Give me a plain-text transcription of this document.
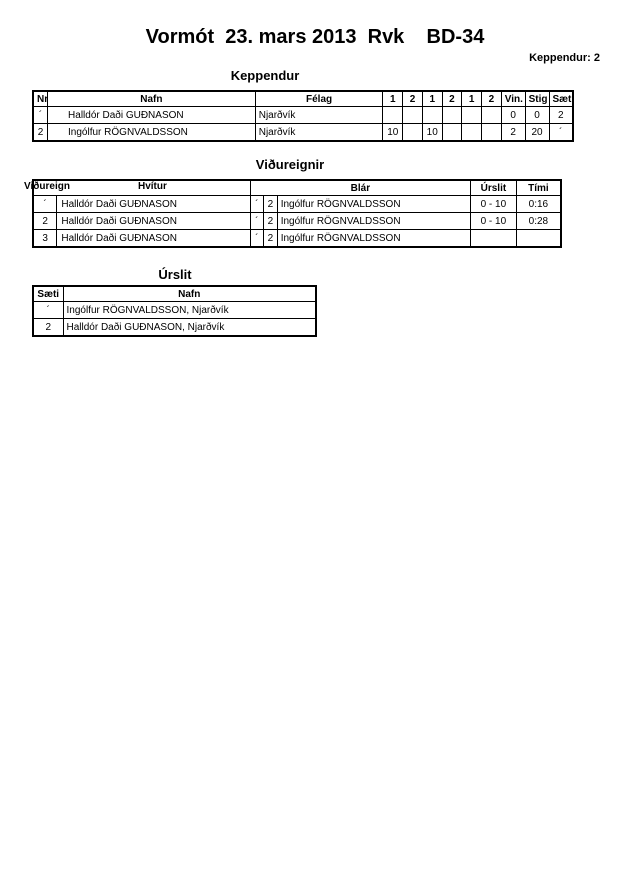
Vormót  23. mars 2013  Rvk    BD-34
Keppendur: 2
Keppendur
Nr	Nafn	Félag	1	2	1	2	1	2	Vin.	Stig	Sæti
´	Halldór Daði GUÐNASON	Njarðvík							0	0	2
2	Ingólfur RÖGNVALDSSON	Njarðvík	10		10				2	20	´
Viðureignir
Viðureign Hvítur		Blár			Úrslit	Tími
´	Halldór Daði GUÐNASON	´	2	Ingólfur RÖGNVALDSSON	0 - 10	0:16
2	Halldór Daði GUÐNASON	´	2	Ingólfur RÖGNVALDSSON	0 - 10	0:28
3	Halldór Daði GUÐNASON	´	2	Ingólfur RÖGNVALDSSON		
Úrslit
Sæti	Nafn
´	Ingólfur RÖGNVALDSSON, Njarðvík
2	Halldór Daði GUÐNASON, Njarðvík
